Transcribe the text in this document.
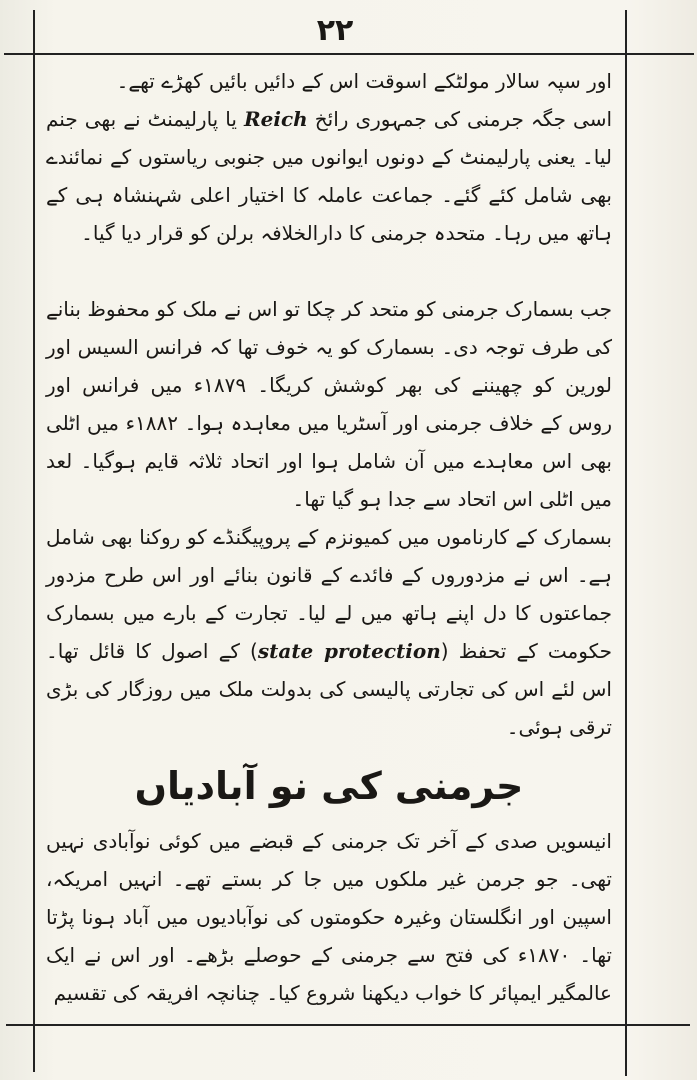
۲۲
اور سپہ سالار مولٹکے اسوقت اس کے دائیں بائیں کھڑے تھے۔
اسی جگہ جرمنی کی جمہوری رائخ Reich یا پارلیمنٹ نے بھی جنم لیا۔ یعنی پارلیمنٹ کے دونوں ایوانوں میں جنوبی ریاستوں کے نمائندے بھی شامل کئے گئے۔ جماعت عاملہ کا اختیار اعلی شہنشاہ ہی کے ہاتھ میں رہا۔ متحدہ جرمنی کا دارالخلافہ برلن کو قرار دیا گیا۔
جب بسمارک جرمنی کو متحد کر چکا تو اس نے ملک کو محفوظ بنانے کی طرف توجہ دی۔ بسمارک کو یہ خوف تھا کہ فرانس السیس اور لورین کو چھیننے کی بھر کوشش کریگا۔ ۱۸۷۹ء میں فرانس اور روس کے خلاف جرمنی اور آسٹریا میں معاہدہ ہوا۔ ۱۸۸۲ء میں اٹلی بھی اس معاہدے میں آن شامل ہوا اور اتحاد ثلاثہ قایم ہوگیا۔ لعد میں اٹلی اس اتحاد سے جدا ہو گیا تھا۔
بسمارک کے کارناموں میں کمیونزم کے پروپیگنڈے کو روکنا بھی شامل ہے۔ اس نے مزدوروں کے فائدے کے قانون بنائے اور اس طرح مزدور جماعتوں کا دل اپنے ہاتھ میں لے لیا۔ تجارت کے بارے میں بسمارک حکومت کے تحفظ (state protection) کے اصول کا قائل تھا۔ اس لئے اس کی تجارتی پالیسی کی بدولت ملک میں روزگار کی بڑی ترقی ہوئی۔
جرمنی کی نو آبادیاں
انیسویں صدی کے آخر تک جرمنی کے قبضے میں کوئی نوآبادی نہیں تھی۔ جو جرمن غیر ملکوں میں جا کر بستے تھے۔ انہیں امریکہ، اسپین اور انگلستان وغیرہ حکومتوں کی نوآبادیوں میں آباد ہونا پڑتا تھا۔ ۱۸۷۰ء کی فتح سے جرمنی کے حوصلے بڑھے۔ اور اس نے ایک عالمگیر ایمپائر کا خواب دیکھنا شروع کیا۔ چنانچہ افریقہ کی تقسیم
